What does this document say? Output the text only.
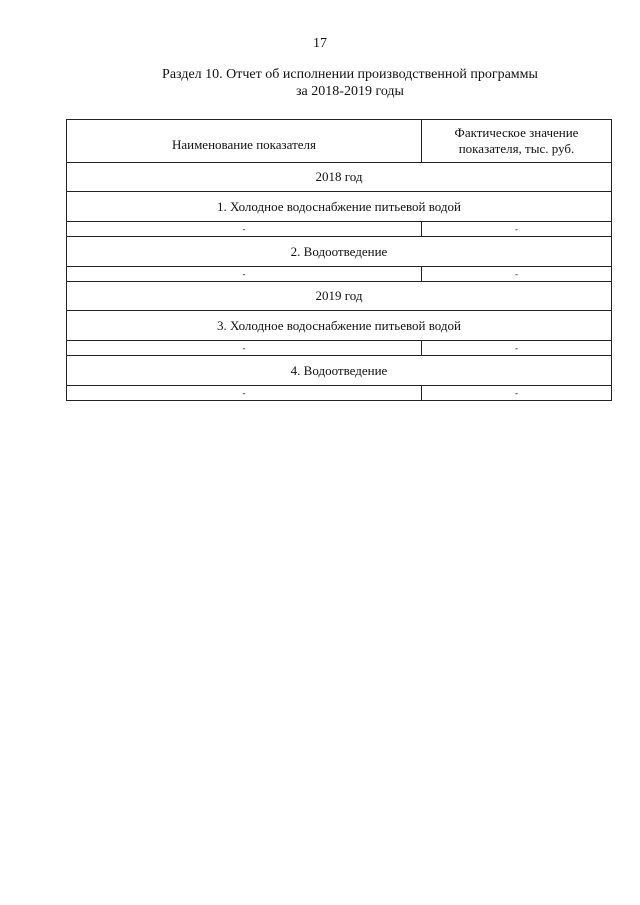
17
Раздел 10. Отчет об исполнении производственной программы
за 2018-2019 годы
Наименование показателя	Фактическое значение
показателя, тыс. руб.

2018 год	
1. Холодное водоснабжение питьевой водой	
-	-
2. Водоотведение	
-	-
2019 год	
3. Холодное водоснабжение питьевой водой	
-	-
4. Водоотведение	
-	-
